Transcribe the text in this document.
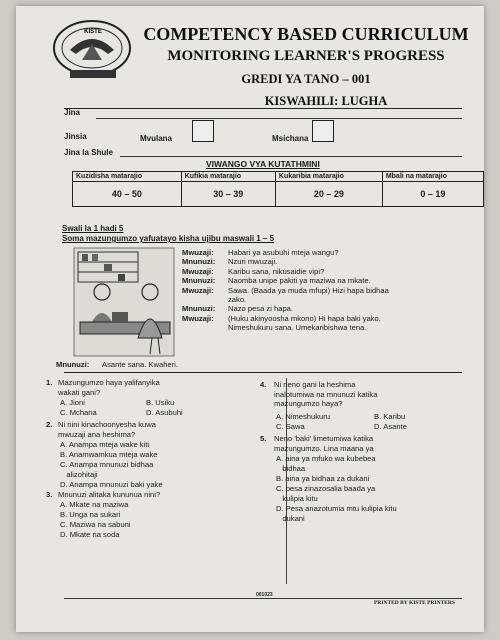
KISTE	COMPETENCY BASED CURRICULUM
MONITORING LEARNER'S PROGRESS
GREDI YA TANO – 001
KISWAHILI: LUGHA
Jina
Jinsia	Mvulana	Msichana
Jina la Shule
VIWANGO VYA KUTATHMINI
Kuzidisha matarajio	Kufikia matarajio	Kukaribia matarajio	Mbali na matarajio
40 – 50	30 – 39	20 – 29	0 – 19
Swali la 1 hadi 5
Soma mazungumzo yafuatayo kisha ujibu maswali 1 – 5
Mwuzaji: Habari ya asubuhi mteja wangu?
Mnunuzi: Nzuri mwuzaji.
Mwuzaji: Karibu sana, nikusaidie vipi?
Mnunuzi: Naomba unipe pakiti ya maziwa na mkate.
Mwuzaji: Sawa. (Baada ya muda mfupi) Hizi hapa bidhaa
zako.
Mnunuzi: Nazo pesa zi hapa.
Mwuzaji: (Huku akinyoosha mkono) Hi hapa baki yako.
Nimeshukuru sana. Umekaribishwa tena.
Mnunuzi: Asante sana. Kwaheri.
1. Mazungumzo haya yalifanyika
wakati gani?
A. Jioni	B. Usiku
C. Mchana	D. Asubuhi
2. Ni nini kinachoonyesha kuwa
mwuzaji ana heshima?
A. Anampa mteja wake kiti
B. Anamwamkua mteja wake
C. Anampa mnunuzi bidhaa
alizohitaji
D. Anampa mnunuzi baki yake
3. Mnunuzi alitaka kununua nini?
A. Mkate na maziwa
B. Unga na sukari
C. Maziwa na sabuni
D. Mkate na soda
4. Ni neno gani la heshima
inalotumiwa na mnunuzi katika
mazungumzo haya?
A. Nimeshukuru	B. Karibu
C. Sawa	D. Asante
5. Neno 'baki' limetumiwa katika
mazungumzo. Lina maana ya
A. aina ya mfuko wa kubebea
bidhaa
B. aina ya bidhaa za dukani
C. pesa zinazosalia baada ya
kulipia kitu
D. Pesa anazotumia mtu kulipia kitu
dukani
001023
PRINTED BY KISTE PRINTERS
